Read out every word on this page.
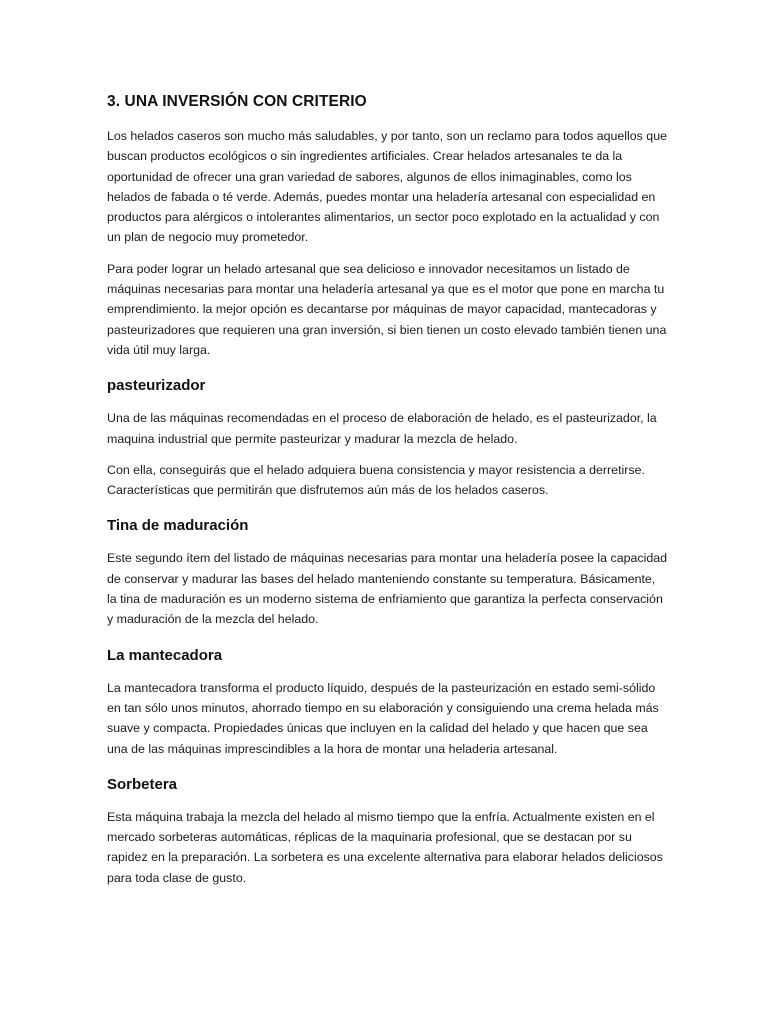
3. UNA INVERSIÓN CON CRITERIO

Los helados caseros son mucho más saludables, y por tanto, son un reclamo para todos aquellos que buscan productos ecológicos o sin ingredientes artificiales. Crear helados artesanales te da la oportunidad de ofrecer una gran variedad de sabores, algunos de ellos inimaginables, como los helados de fabada o té verde. Además, puedes montar una heladería artesanal con especialidad en productos para alérgicos o intolerantes alimentarios, un sector poco explotado en la actualidad y con un plan de negocio muy prometedor.

Para poder lograr un helado artesanal que sea delicioso e innovador necesitamos un listado de máquinas necesarias para montar una heladería artesanal ya que es el motor que pone en marcha tu emprendimiento. la mejor opción es decantarse por máquinas de mayor capacidad, mantecadoras y pasteurizadores que requieren una gran inversión, si bien tienen un costo elevado también tienen una vida útil muy larga.

pasteurizador

Una de las máquinas recomendadas en el proceso de elaboración de helado, es el pasteurizador, la maquina industrial que permite pasteurizar y madurar la mezcla de helado.

Con ella, conseguirás que el helado adquiera buena consistencia y mayor resistencia a derretirse. Características que permitirán que disfrutemos aún más de los helados caseros.

Tina de maduración

Este segundo ítem del listado de máquinas necesarias para montar una heladería posee la capacidad de conservar y madurar las bases del helado manteniendo constante su temperatura. Básicamente, la tina de maduración es un moderno sistema de enfriamiento que garantiza la perfecta conservación y maduración de la mezcla del helado.

La mantecadora

La mantecadora transforma el producto líquido, después de la pasteurización en estado semi-sólido en tan sólo unos minutos, ahorrado tiempo en su elaboración y consiguiendo una crema helada más suave y compacta. Propiedades únicas que incluyen en la calidad del helado y que hacen que sea una de las máquinas imprescindibles a la hora de montar una heladeria artesanal.

Sorbetera

Esta máquina trabaja la mezcla del helado al mismo tiempo que la enfría. Actualmente existen en el mercado sorbeteras automáticas, réplicas de la maquinaria profesional, que se destacan por su rapidez en la preparación. La sorbetera es una excelente alternativa para elaborar helados deliciosos para toda clase de gusto.
